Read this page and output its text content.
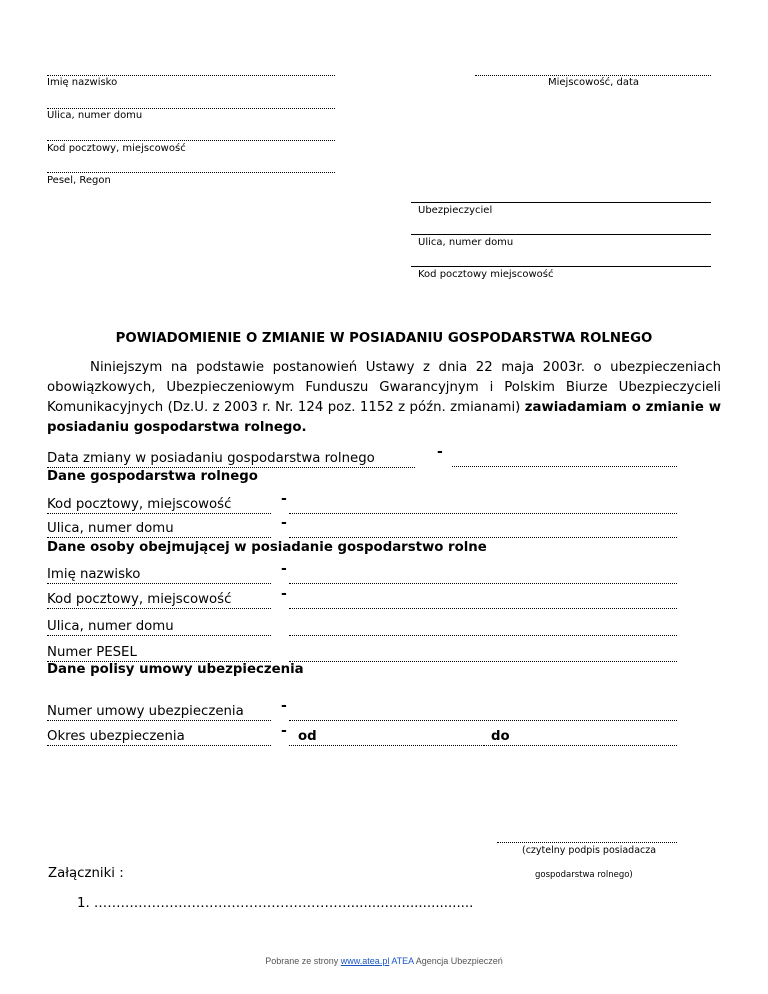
Imię nazwisko	Miejscowość, data
Ulica, numer domu
Kod pocztowy, miejscowość
Pesel, Regon
Ubezpieczyciel
Ulica, numer domu
Kod pocztowy miejscowość
POWIADOMIENIE O ZMIANIE W POSIADANIU GOSPODARSTWA ROLNEGO
Niniejszym na podstawie postanowień Ustawy z dnia 22 maja 2003r. o ubezpieczeniach obowiązkowych, Ubezpieczeniowym Funduszu Gwarancyjnym i Polskim Biurze Ubezpieczycieli Komunikacyjnych (Dz.U. z 2003 r. Nr. 124 poz. 1152 z późn. zmianami) zawiadamiam o zmianie w posiadaniu gospodarstwa rolnego.
Data zmiany w posiadaniu gospodarstwa rolnego	-
Dane gospodarstwa rolnego
Kod pocztowy, miejscowość	-
Ulica, numer domu	-
Dane osoby obejmującej w posiadanie gospodarstwo rolne
Imię nazwisko	-
Kod pocztowy, miejscowość	-
Ulica, numer domu
Numer PESEL
Dane polisy umowy ubezpieczenia
Numer umowy ubezpieczenia	-
Okres ubezpieczenia	- od	do
(czytelny podpis posiadacza
gospodarstwa rolnego)
Załączniki :
1. …………………………………………………..............................
Pobrane ze strony www.atea.pl ATEA Agencja Ubezpieczeń
